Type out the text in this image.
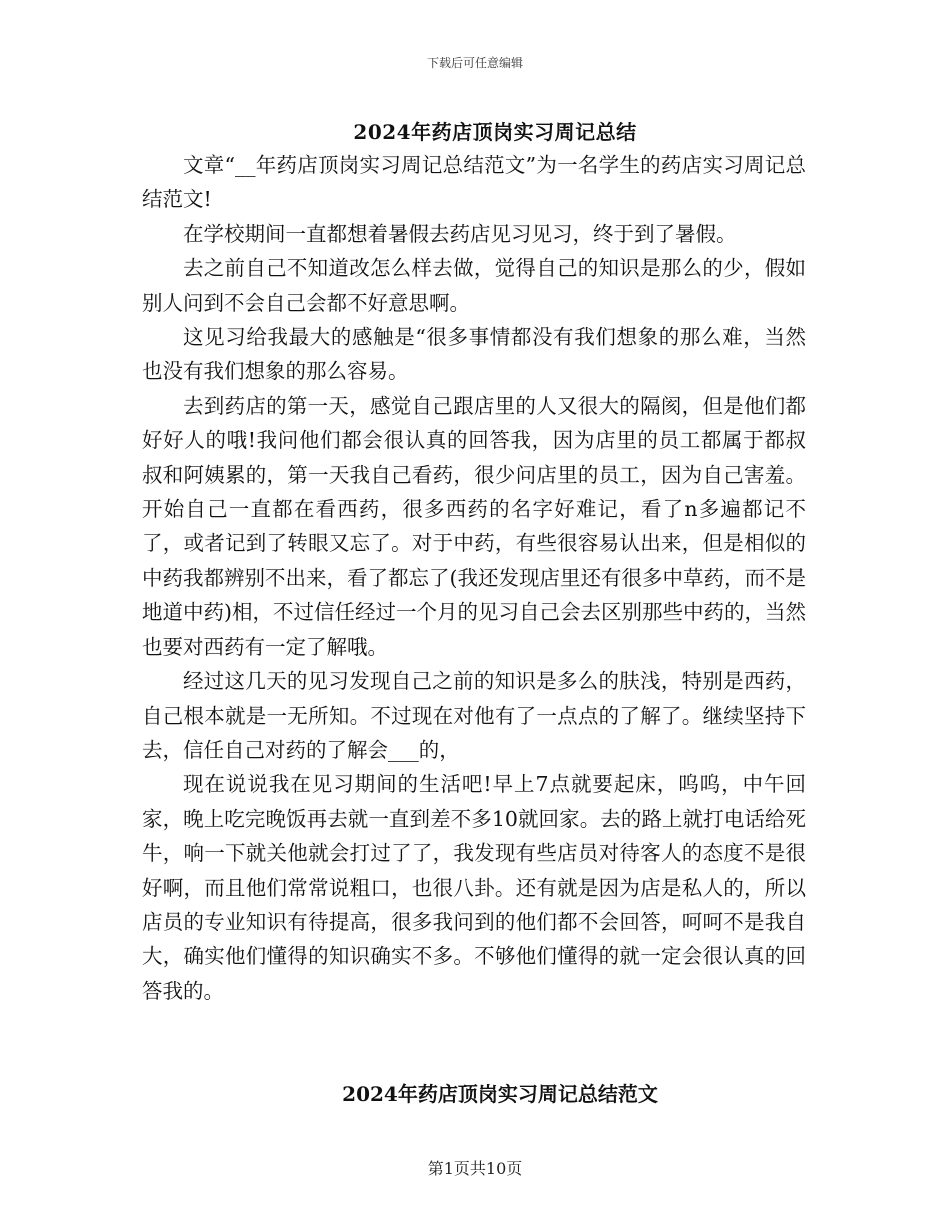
下载后可任意编辑
2024年药店顶岗实习周记总结

文章“__年药店顶岗实习周记总结范文”为一名学生的药店实习周记总结范文!

在学校期间一直都想着暑假去药店见习见习，终于到了暑假。

去之前自己不知道改怎么样去做，觉得自己的知识是那么的少，假如别人问到不会自己会都不好意思啊。

这见习给我最大的感触是“很多事情都没有我们想象的那么难，当然也没有我们想象的那么容易。

去到药店的第一天，感觉自己跟店里的人又很大的隔阂，但是他们都好好人的哦!我问他们都会很认真的回答我，因为店里的员工都属于都叔叔和阿姨累的，第一天我自己看药，很少问店里的员工，因为自己害羞。开始自己一直都在看西药，很多西药的名字好难记，看了n多遍都记不了，或者记到了转眼又忘了。对于中药，有些很容易认出来，但是相似的中药我都辨别不出来，看了都忘了(我还发现店里还有很多中草药，而不是地道中药)相，不过信任经过一个月的见习自己会去区别那些中药的，当然也要对西药有一定了解哦。

经过这几天的见习发现自己之前的知识是多么的肤浅，特别是西药，自己根本就是一无所知。不过现在对他有了一点点的了解了。继续坚持下去，信任自己对药的了解会___的，

现在说说我在见习期间的生活吧!早上7点就要起床，呜呜，中午回家，晚上吃完晚饭再去就一直到差不多10就回家。去的路上就打电话给死牛，响一下就关他就会打过了了，我发现有些店员对待客人的态度不是很好啊，而且他们常常说粗口，也很八卦。还有就是因为店是私人的，所以店员的专业知识有待提高，很多我问到的他们都不会回答，呵呵不是我自大，确实他们懂得的知识确实不多。不够他们懂得的就一定会很认真的回答我的。

2024年药店顶岗实习周记总结范文
第1页共10页
